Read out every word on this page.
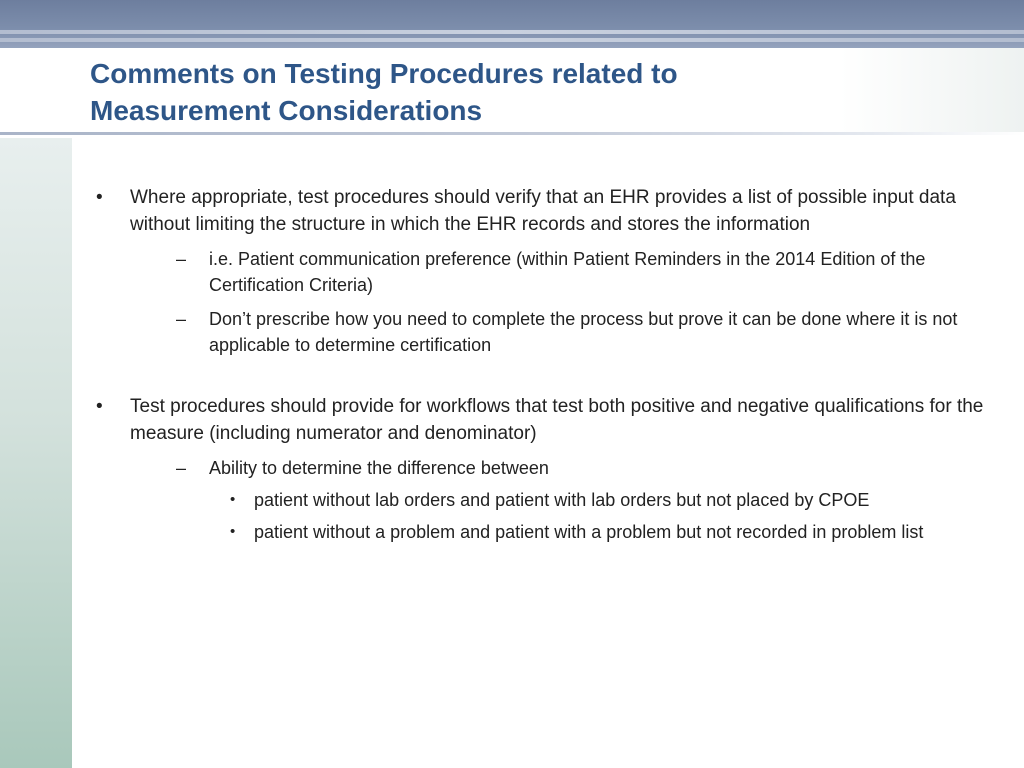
Comments on Testing Procedures related to
Measurement Considerations
• Where appropriate, test procedures should verify that an EHR provides a list of possible input data without limiting the structure in which the EHR records and stores the information
– i.e. Patient communication preference (within Patient Reminders in the 2014 Edition of the Certification Criteria)
– Don’t prescribe how you need to complete the process but prove it can be done where it is not applicable to determine certification
• Test procedures should provide for workflows that test both positive and negative qualifications for the measure (including numerator and denominator)
– Ability to determine the difference between
• patient without lab orders and patient with lab orders but not placed by CPOE
• patient without a problem and patient with a problem but not recorded in problem list
